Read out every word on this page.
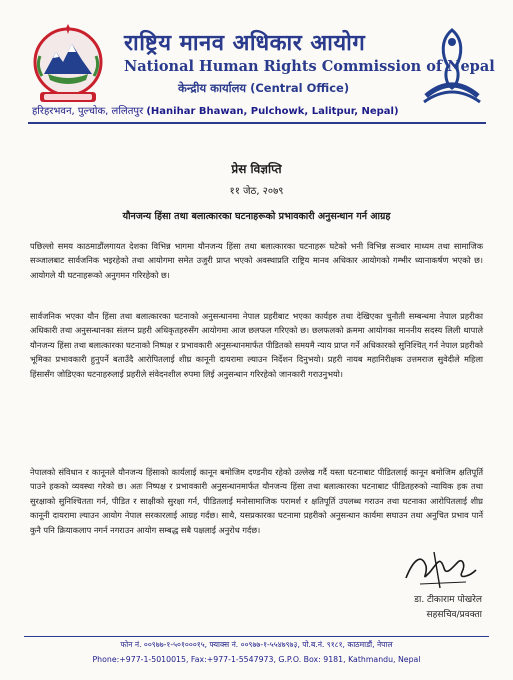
राष्ट्रिय मानव अधिकार आयोग
National Human Rights Commission of Nepal
केन्द्रीय कार्यालय (Central Office)
हरिहरभवन, पुल्चोक, ललितपुर (Hanihar Bhawan, Pulchowk, Lalitpur, Nepal)
प्रेस विज्ञप्ति
११ जेठ, २०७९
यौनजन्य हिंसा तथा बलात्कारका घटनाहरूको प्रभावकारी अनुसन्धान गर्न आग्रह

पछिल्लो समय काठमाडौंलगायत देशका विभिन्न भागमा यौनजन्य हिंसा तथा बलात्कारका घटनाहरू घटेको भनी विभिन्न सञ्चार माध्यम तथा सामाजिक सञ्जालबाट सार्वजनिक भइरहेको तथा आयोगमा समेत उजुरी प्राप्त भएको अवस्थाप्रति राष्ट्रिय मानव अधिकार आयोगको गम्भीर ध्यानाकर्षण भएको छ। आयोगले यी घटनाहरूको अनुगमन गरिरहेको छ।

सार्वजनिक भएका यौन हिंसा तथा बलात्कारका घटनाको अनुसन्धानमा नेपाल प्रहरीबाट भएका कार्यहरु तथा देखिएका चुनौती सम्बन्धमा नेपाल प्रहरीका अधिकारी तथा अनुसन्धानका संलग्न प्रहरी अधिकृतहरुसँग आयोगमा आज छलफल गरिएको छ। छलफलको क्रममा आयोगका माननीय सदस्य लिली थापाले यौनजन्य हिंसा तथा बलात्कारका घटनाको निष्पक्ष र प्रभावकारी अनुसन्धानमार्फत पीडितको समयमै न्याय प्राप्त गर्ने अधिकारको सुनिश्चित् गर्न नेपाल प्रहरीको भूमिका प्रभावकारी हुनुपर्ने बताउँदै आरोपितलाई शीघ्र कानूनी दायरामा ल्याउन निर्देशन दिनुभयो। प्रहरी नायब महानिरीक्षक उत्तमराज सुवेदीले महिला हिंसासँग जोडिएका घटनाहरुलाई प्रहरीले संवेदनशील रुपमा लिई अनुसन्धान गरिरहेको जानकारी गराउनुभयो।

नेपालको संविधान र कानूनले यौनजन्य हिंसाको कार्यलाई कानून बमोजिम दण्डनीय रहेको उल्लेख गर्दै यस्ता घटनाबाट पीडितलाई कानून बमोजिम क्षतिपूर्ति पाउने हकको व्यवस्था गरेको छ। अतः निष्पक्ष र प्रभावकारी अनुसन्धानमार्फत यौनजन्य हिंसा तथा बलात्कारका घटनाबाट पीडितहरुको न्यायिक हक तथा सुरक्षाको सुनिश्चितता गर्न, पीडित र साक्षीको सुरक्षा गर्न, पीडितलाई मनोसामाजिक परामर्श र क्षतिपूर्ति उपलब्ध गराउन तथा घटनाका आरोपितलाई शीघ्र कानूनी दायरामा ल्याउन आयोग नेपाल सरकारलाई आग्रह गर्दछ। साथै, यसप्रकारका घटनामा प्रहरीको अनुसन्धान कार्यमा सघाउन तथा अनुचित प्रभाव पार्ने कुनै पनि क्रियाकलाप नगर्न नगराउन आयोग सम्बद्ध सबै पक्षलाई अनुरोध गर्दछ।

डा. टीकाराम पोखरेल
सहसचिव/प्रवक्ता
फोन नं. ००९७७-१-५०१०००१५, फ्याक्स नं. ००९७७-१-५५४७९७३, पो.ब.नं. ९१८१, काठमाडौं, नेपाल
Phone:+977-1-5010015, Fax:+977-1-5547973, G.P.O. Box: 9181, Kathmandu, Nepal
